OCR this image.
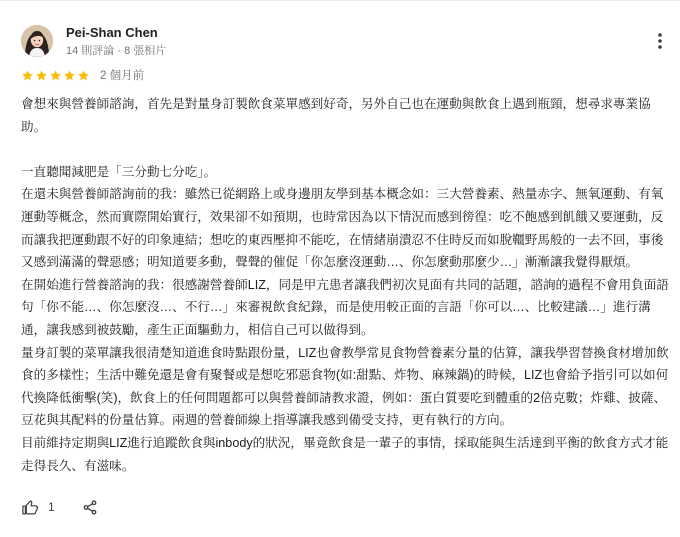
Pei-Shan Chen
14 則評論 · 8 張相片
2 個月前

會想來與營養師諮詢，首先是對量身訂製飲食菜單感到好奇，另外自己也在運動與飲食上遇到瓶頸，想尋求專業協助。

一直聽聞減肥是「三分動七分吃」。

在還未與營養師諮詢前的我：雖然已從網路上或身邊朋友學到基本概念如：三大營養素、熱量赤字、無氧運動、有氧運動等概念，然而實際開始實行，效果卻不如預期，也時常因為以下情況而感到徬徨：吃不飽感到飢餓又要運動，反而讓我把運動跟不好的印象連結；想吃的東西壓抑不能吃，在情緒崩潰忍不住時反而如脫韁野馬般的一去不回，事後又感到滿滿的聲惡感；明知道要多動，聲聲的催促「你怎麼沒運動…、你怎麼動那麼少…」漸漸讓我覺得厭煩。

在開始進行營養諮詢的我：很感謝營養師LIZ，同是甲亢患者讓我們初次見面有共同的話題，諮詢的過程不會用負面語句「你不能…、你怎麼沒…、不行…」來審視飲食紀錄，而是使用較正面的言語「你可以…、比較建議…」進行溝通，讓我感到被鼓勵，產生正面驅動力，相信自己可以做得到。

量身訂製的菜單讓我很清楚知道進食時點跟份量，LIZ也會教學常見食物營養素分量的估算，讓我學習替換食材增加飲食的多樣性；生活中難免還是會有聚餐或是想吃邪惡食物(如:甜點、炸物、麻辣鍋)的時候，LIZ也會給予指引可以如何代換降低衝擊(笑)，飲食上的任何問題都可以與營養師請教求證，例如：蛋白質要吃到體重的2倍克數；炸雞、披薩、豆花與其配料的份量估算。兩週的營養師線上指導讓我感到備受支持，更有執行的方向。

目前維持定期與LIZ進行追蹤飲食與inbody的狀況，畢竟飲食是一輩子的事情，採取能與生活達到平衡的飲食方式才能走得長久、有滋味。

1
